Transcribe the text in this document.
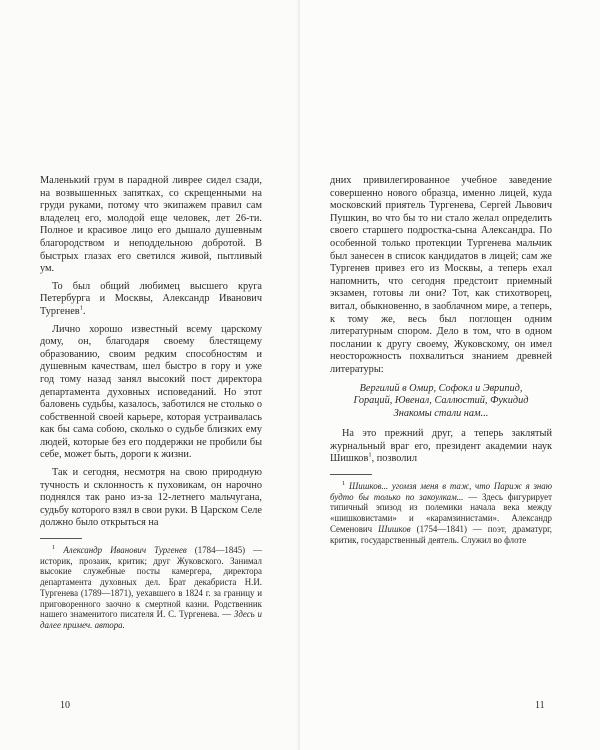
Маленький грум в парадной ливрее сидел сзади, на возвышенных запятках, со скрещенными на груди руками, потому что экипажем правил сам владелец его, молодой еще человек, лет 26-ти. Полное и красивое лицо его дышало душевным благородством и неподдельною добротой. В быстрых глазах его светился живой, пытливый ум.

То был общий любимец высшего круга Петербурга и Москвы, Александр Иванович Тургенев$^1$.

Лично хорошо известный всему царскому дому, он, благодаря своему блестящему образованию, своим редким способностям и душевным качествам, шел быстро в гору и уже год тому назад занял высокий пост директора департамента духовных исповеданий. Но этот баловень судьбы, казалось, заботился не столько о собственной своей карьере, которая устраивалась как бы сама собою, сколько о судьбе близких ему людей, которые без его поддержки не пробили бы себе, может быть, дороги к жизни.

Так и сегодня, несмотря на свою природную тучность и склонность к пуховикам, он нарочно поднялся так рано из-за 12-летнего мальчугана, судьбу которого взял в свои руки. В Царском Селе должно было открыться на

$^1$ Александр Иванович Тургенев (1784—1845) — историк, прозаик, критик; друг Жуковского. Занимал высокие служебные посты камергера, директора департамента духовных дел. Брат декабриста Н.И. Тургенева (1789—1871), уехавшего в 1824 г. за границу и приговоренного заочно к смертной казни. Родственник нашего знаменитого писателя И. С. Тургенева. — Здесь и далее примеч. автора.

10

дних привилегированное учебное заведение совершенно нового образца, именно лицей, куда московский приятель Тургенева, Сергей Львович Пушкин, во что бы то ни стало желал определить своего старшего подростка-сына Александра. По особенной только протекции Тургенева мальчик был занесен в список кандидатов в лицей; сам же Тургенев привез его из Москвы, а теперь ехал напомнить, что сегодня предстоит приемный экзамен, готовы ли они? Тот, как стихотворец, витал, обыкновенно, в заоблачном мире, а теперь, к тому же, весь был поглощен одним литературным спором. Дело в том, что в одном послании к другу своему, Жуковскому, он имел неосторожность похвалиться знанием древней литературы:

Вергилий в Омир, Софокл и Эврипид,
Гораций, Ювенал, Саллюстий, Фукидид
Знакомы стали нам...

На это прежний друг, а теперь заклятый журнальный враг его, президент академии наук Шишков$^1$, позволил

$^1$ Шишков... угомзя меня в таж, что Париж я знаю будто бы только по закоулкам... — Здесь фигурирует типичный эпизод из полемики начала века между «шишковистами» и «карамзинистами». Александр Семенович Шишков (1754—1841) — поэт, драматург, критик, государственный деятель. Служил во флоте

11
